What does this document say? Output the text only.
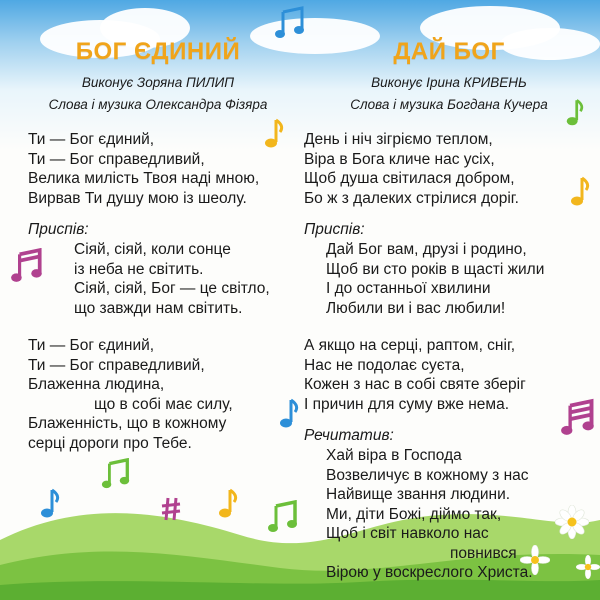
БОГ ЄДИНИЙ

Виконує Зоряна ПИЛИП

Слова і музика Олександра Фізяра

Ти — Бог єдиний,

Ти — Бог справедливий,

Велика милість Твоя наді мною,

Вирвав Ти душу мою із шеолу.

Приспів:

Сіяй, сіяй, коли сонце

із неба не світить.

Сіяй, сіяй, Бог — це світло,

що завжди нам світить.

Ти — Бог єдиний,

Ти — Бог справедливий,

Блаженна людина,

що в собі має силу,

Блаженність, що в кожному

серці дороги про Тебе.

ДАЙ БОГ

Виконує Ірина КРИВЕНЬ

Слова і музика Богдана Кучера

День і ніч зігріємо теплом,

Віра в Бога кличе нас усіх,

Щоб душа світилася добром,

Бо ж з далеких стрілися доріг.

Приспів:

Дай Бог вам, друзі і родино,

Щоб ви сто років в щасті жили

І до останньої хвилини

Любили ви і вас любили!

А якщо на серці, раптом, сніг,

Нас не подолає суєта,

Кожен з нас в собі святе зберіг

І причин для суму вже нема.

Речитатив:

Хай віра в Господа

Возвеличує в кожному з нас

Найвище звання людини.

Ми, діти Божі, діймо так,

Щоб і світ навколо нас

повнився

Вірою у воскреслого Христа.
